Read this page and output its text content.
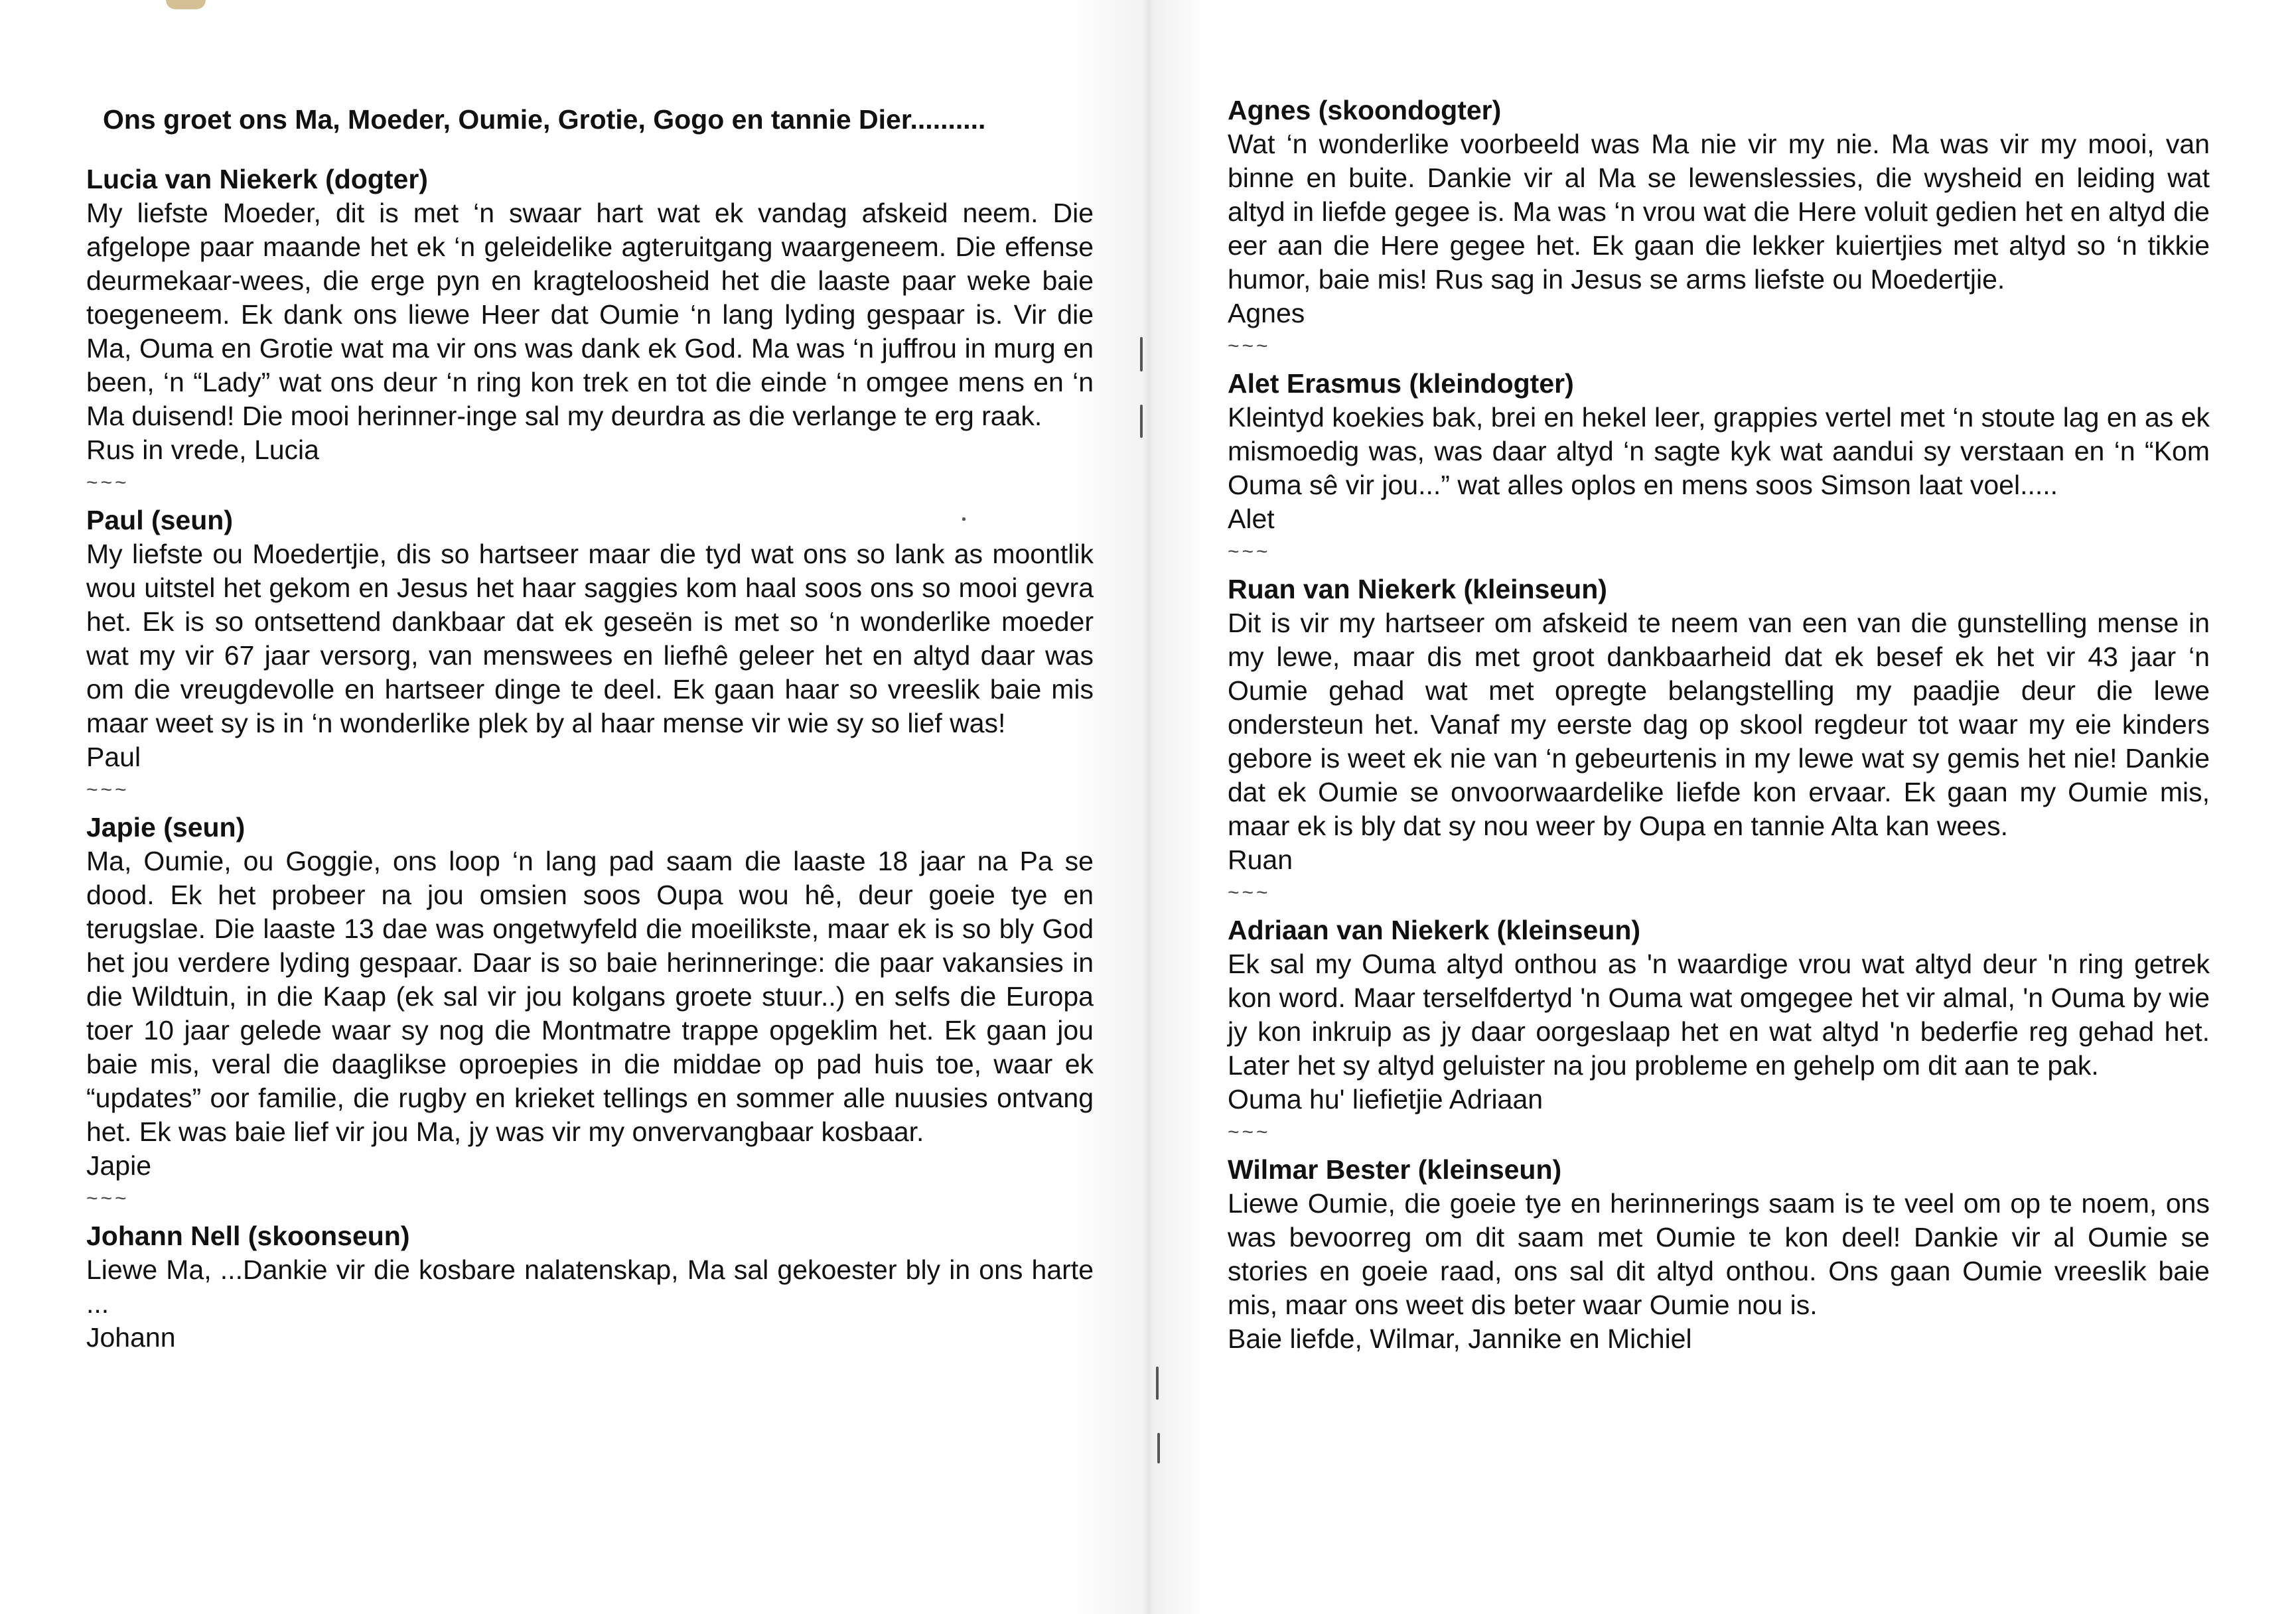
Ons groet ons Ma, Moeder, Oumie, Grotie, Gogo en tannie Dier..........
Lucia van Niekerk (dogter)

My liefste Moeder, dit is met ‘n swaar hart wat ek vandag afskeid neem. Die afgelope paar maande het ek ‘n geleidelike agteruitgang waargeneem. Die effense deurmekaar-wees, die erge pyn en kragteloosheid het die laaste paar weke baie toegeneem. Ek dank ons liewe Heer dat Oumie ‘n lang lyding gespaar is. Vir die Ma, Ouma en Grotie wat ma vir ons was dank ek God. Ma was ‘n juffrou in murg en been, ‘n “Lady” wat ons deur ‘n ring kon trek en tot die einde ‘n omgee mens en ‘n Ma duisend! Die mooi herinner-inge sal my deurdra as die verlange te erg raak.

Rus in vrede, Lucia
~~~
Paul (seun)

My liefste ou Moedertjie, dis so hartseer maar die tyd wat ons so lank as moontlik wou uitstel het gekom en Jesus het haar saggies kom haal soos ons so mooi gevra het. Ek is so ontsettend dankbaar dat ek geseën is met so ‘n wonderlike moeder wat my vir 67 jaar versorg, van menswees en liefhê geleer het en altyd daar was om die vreugdevolle en hartseer dinge te deel. Ek gaan haar so vreeslik baie mis maar weet sy is in ‘n wonderlike plek by al haar mense vir wie sy so lief was!

Paul
~~~
Japie (seun)

Ma, Oumie, ou Goggie, ons loop ‘n lang pad saam die laaste 18 jaar na Pa se dood. Ek het probeer na jou omsien soos Oupa wou hê, deur goeie tye en terugslae. Die laaste 13 dae was ongetwyfeld die moeilikste, maar ek is so bly God het jou verdere lyding gespaar. Daar is so baie herinneringe: die paar vakansies in die Wildtuin, in die Kaap (ek sal vir jou kolgans groete stuur..) en selfs die Europa toer 10 jaar gelede waar sy nog die Montmatre trappe opgeklim het. Ek gaan jou baie mis, veral die daaglikse oproepies in die middae op pad huis toe, waar ek “updates” oor familie, die rugby en krieket tellings en sommer alle nuusies ontvang het. Ek was baie lief vir jou Ma, jy was vir my onvervangbaar kosbaar.

Japie
~~~
Johann Nell (skoonseun)

Liewe Ma, ...Dankie vir die kosbare nalatenskap, Ma sal gekoester bly in ons harte ...

Johann
Agnes (skoondogter)

Wat ‘n wonderlike voorbeeld was Ma nie vir my nie. Ma was vir my mooi, van binne en buite. Dankie vir al Ma se lewenslessies, die wysheid en leiding wat altyd in liefde gegee is. Ma was ‘n vrou wat die Here voluit gedien het en altyd die eer aan die Here gegee het. Ek gaan die lekker kuiertjies met altyd so ‘n tikkie humor, baie mis! Rus sag in Jesus se arms liefste ou Moedertjie.

Agnes
~~~
Alet Erasmus (kleindogter)

Kleintyd koekies bak, brei en hekel leer, grappies vertel met ‘n stoute lag en as ek mismoedig was, was daar altyd ‘n sagte kyk wat aandui sy verstaan en ‘n “Kom Ouma sê vir jou...” wat alles oplos en mens soos Simson laat voel.....

Alet
~~~
Ruan van Niekerk (kleinseun)

Dit is vir my hartseer om afskeid te neem van een van die gunstelling mense in my lewe, maar dis met groot dankbaarheid dat ek besef ek het vir 43 jaar ‘n Oumie gehad wat met opregte belangstelling my paadjie deur die lewe ondersteun het. Vanaf my eerste dag op skool regdeur tot waar my eie kinders gebore is weet ek nie van ‘n gebeurtenis in my lewe wat sy gemis het nie! Dankie dat ek Oumie se onvoorwaardelike liefde kon ervaar. Ek gaan my Oumie mis, maar ek is bly dat sy nou weer by Oupa en tannie Alta kan wees.

Ruan
~~~
Adriaan van Niekerk (kleinseun)

Ek sal my Ouma altyd onthou as 'n waardige vrou wat altyd deur 'n ring getrek kon word. Maar terselfdertyd 'n Ouma wat omgegee het vir almal, 'n Ouma by wie jy kon inkruip as jy daar oorgeslaap het en wat altyd 'n bederfie reg gehad het. Later het sy altyd geluister na jou probleme en gehelp om dit aan te pak.

Ouma hu' liefietjie Adriaan
~~~
Wilmar Bester (kleinseun)

Liewe Oumie, die goeie tye en herinnerings saam is te veel om op te noem, ons was bevoorreg om dit saam met Oumie te kon deel! Dankie vir al Oumie se stories en goeie raad, ons sal dit altyd onthou. Ons gaan Oumie vreeslik baie mis, maar ons weet dis beter waar Oumie nou is.

Baie liefde, Wilmar, Jannike en Michiel
